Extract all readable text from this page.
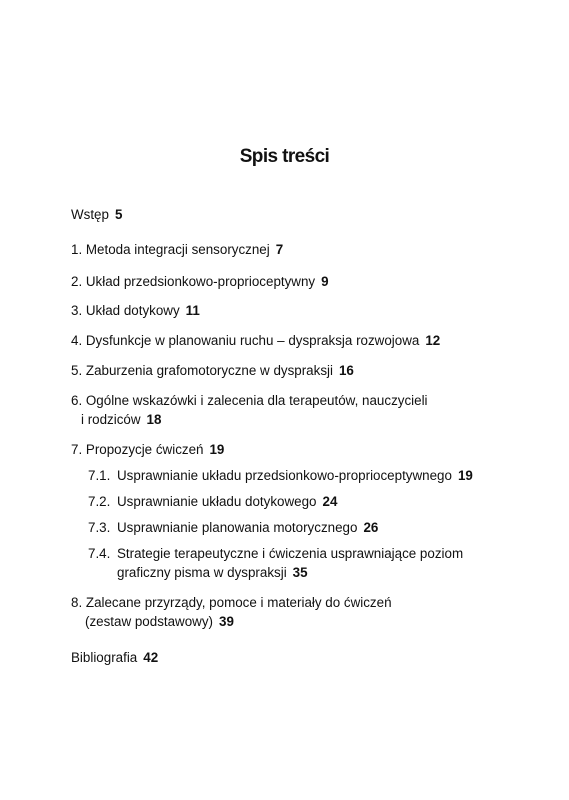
Spis treści
Wstęp 5
1. Metoda integracji sensorycznej 7
2. Układ przedsionkowo-proprioceptywny 9
3. Układ dotykowy 11
4. Dysfunkcje w planowaniu ruchu – dyspraksja rozwojowa 12
5. Zaburzenia grafomotoryczne w dyspraksji 16
6. Ogólne wskazówki i zalecenia dla terapeutów, nauczycieli
i rodziców 18
7. Propozycje ćwiczeń 19
7.1. Usprawnianie układu przedsionkowo-proprioceptywnego 19
7.2. Usprawnianie układu dotykowego 24
7.3. Usprawnianie planowania motorycznego 26
7.4. Strategie terapeutyczne i ćwiczenia usprawniające poziom
graficzny pisma w dyspraksji 35
8. Zalecane przyrządy, pomoce i materiały do ćwiczeń
(zestaw podstawowy) 39
Bibliografia 42
